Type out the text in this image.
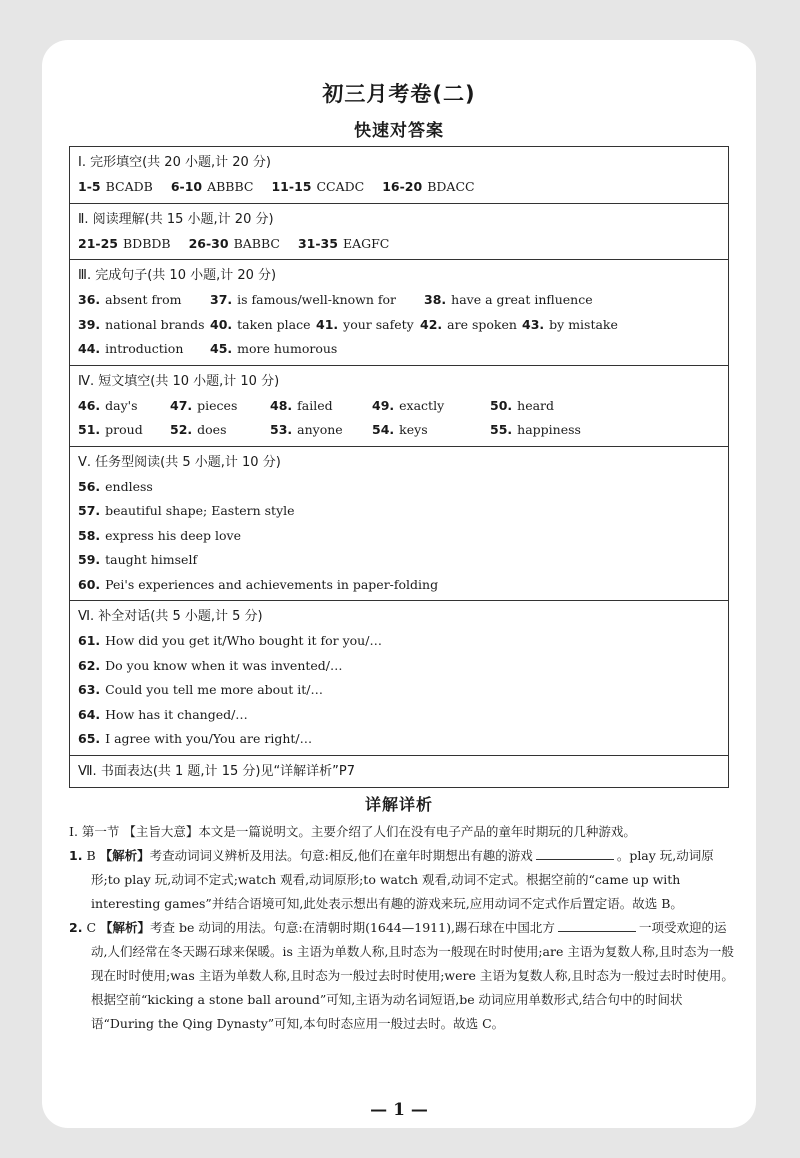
初三月考卷(二)
快速对答案
Ⅰ. 完形填空(共 20 小题,计 20 分)
1-5 BCADB 6-10 ABBBC 11-15 CCADC 16-20 BDACC
Ⅱ. 阅读理解(共 15 小题,计 20 分)
21-25 BDBDB 26-30 BABBC 31-35 EAGFC
Ⅲ. 完成句子(共 10 小题,计 20 分)
36. absent from	37. is famous/well-known for	38. have a great influence
39. national brands 40. taken place 41. your safety 42. are spoken 43. by mistake
44. introduction	45. more humorous
Ⅳ. 短文填空(共 10 小题,计 10 分)
46. day's	47. pieces	48. failed	49. exactly	50. heard
51. proud	52. does	53. anyone	54. keys	55. happiness
Ⅴ. 任务型阅读(共 5 小题,计 10 分)
56. endless
57. beautiful shape; Eastern style
58. express his deep love
59. taught himself
60. Pei's experiences and achievements in paper-folding
Ⅵ. 补全对话(共 5 小题,计 5 分)
61. How did you get it/Who bought it for you/…
62. Do you know when it was invented/…
63. Could you tell me more about it/…
64. How has it changed/…
65. I agree with you/You are right/…
Ⅶ. 书面表达(共 1 题,计 15 分)见“详解详析”P7
详解详析
Ⅰ. 第一节 【主旨大意】本文是一篇说明文。主要介绍了人们在没有电子产品的童年时期玩的几种游戏。
1. B 【解析】考查动词词义辨析及用法。句意:相反,他们在童年时期想出有趣的游戏	。play 玩,动词原形;to play 玩,动词不定式;watch 观看,动词原形;to watch 观看,动词不定式。根据空前的“came up with interesting games”并结合语境可知,此处表示想出有趣的游戏来玩,应用动词不定式作后置定语。故选 B。
2. C 【解析】考查 be 动词的用法。句意:在清朝时期(1644—1911),踢石球在中国北方	一项受欢迎的运动,人们经常在冬天踢石球来保暖。is 主语为单数人称,且时态为一般现在时时使用;are 主语为复数人称,且时态为一般现在时时使用;was 主语为单数人称,且时态为一般过去时时使用;were 主语为复数人称,且时态为一般过去时时使用。根据空前“kicking a stone ball around”可知,主语为动名词短语,be 动词应用单数形式,结合句中的时间状语“During the Qing Dynasty”可知,本句时态应用一般过去时。故选 C。
— 1 —
